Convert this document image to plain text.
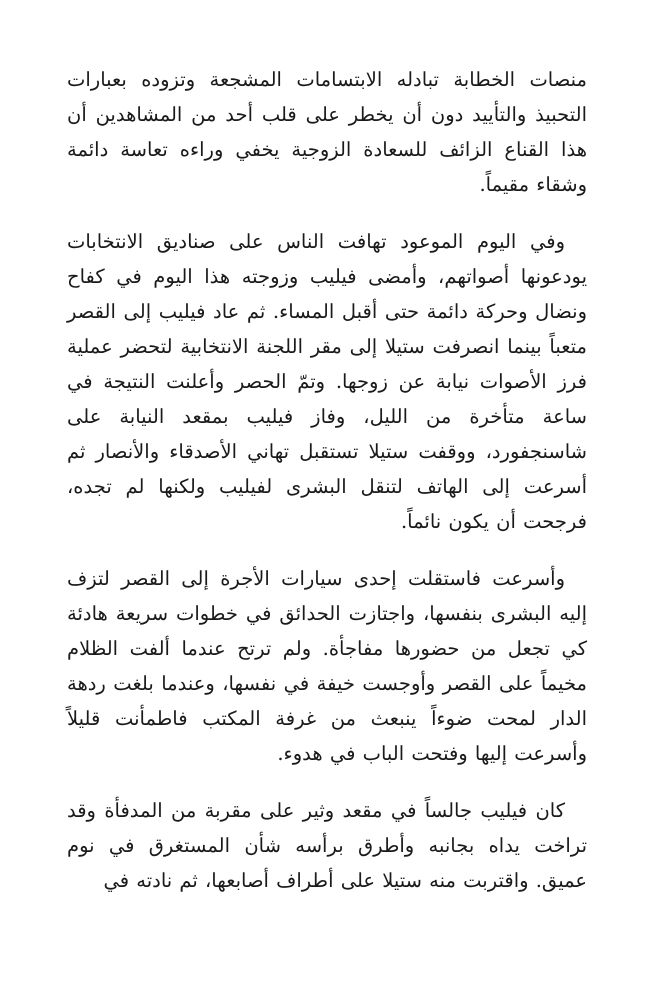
منصات الخطابة تبادله الابتسامات المشجعة وتزوده بعبارات التحبيذ والتأييد دون أن يخطر على قلب أحد من المشاهدين أن هذا القناع الزائف للسعادة الزوجية يخفي وراءه تعاسة دائمة وشقاء مقيماً.

وفي اليوم الموعود تهافت الناس على صناديق الانتخابات يودعونها أصواتهم، وأمضى فيليب وزوجته هذا اليوم في كفاح ونضال وحركة دائمة حتى أقبل المساء. ثم عاد فيليب إلى القصر متعباً بينما انصرفت ستيلا إلى مقر اللجنة الانتخابية لتحضر عملية فرز الأصوات نيابة عن زوجها. وتمّ الحصر وأعلنت النتيجة في ساعة متأخرة من الليل، وفاز فيليب بمقعد النيابة على شاسنجفورد، ووقفت ستيلا تستقبل تهاني الأصدقاء والأنصار ثم أسرعت إلى الهاتف لتنقل البشرى لفيليب ولكنها لم تجده، فرجحت أن يكون نائماً.

وأسرعت فاستقلت إحدى سيارات الأجرة إلى القصر لتزف إليه البشرى بنفسها، واجتازت الحدائق في خطوات سريعة هادئة كي تجعل من حضورها مفاجأة. ولم ترتح عندما ألفت الظلام مخيماً على القصر وأوجست خيفة في نفسها، وعندما بلغت ردهة الدار لمحت ضوءاً ينبعث من غرفة المكتب فاطمأنت قليلاً وأسرعت إليها وفتحت الباب في هدوء.

كان فيليب جالساً في مقعد وثير على مقربة من المدفأة وقد تراخت يداه بجانبه وأطرق برأسه شأن المستغرق في نوم عميق. واقتربت منه ستيلا على أطراف أصابعها، ثم نادته في
